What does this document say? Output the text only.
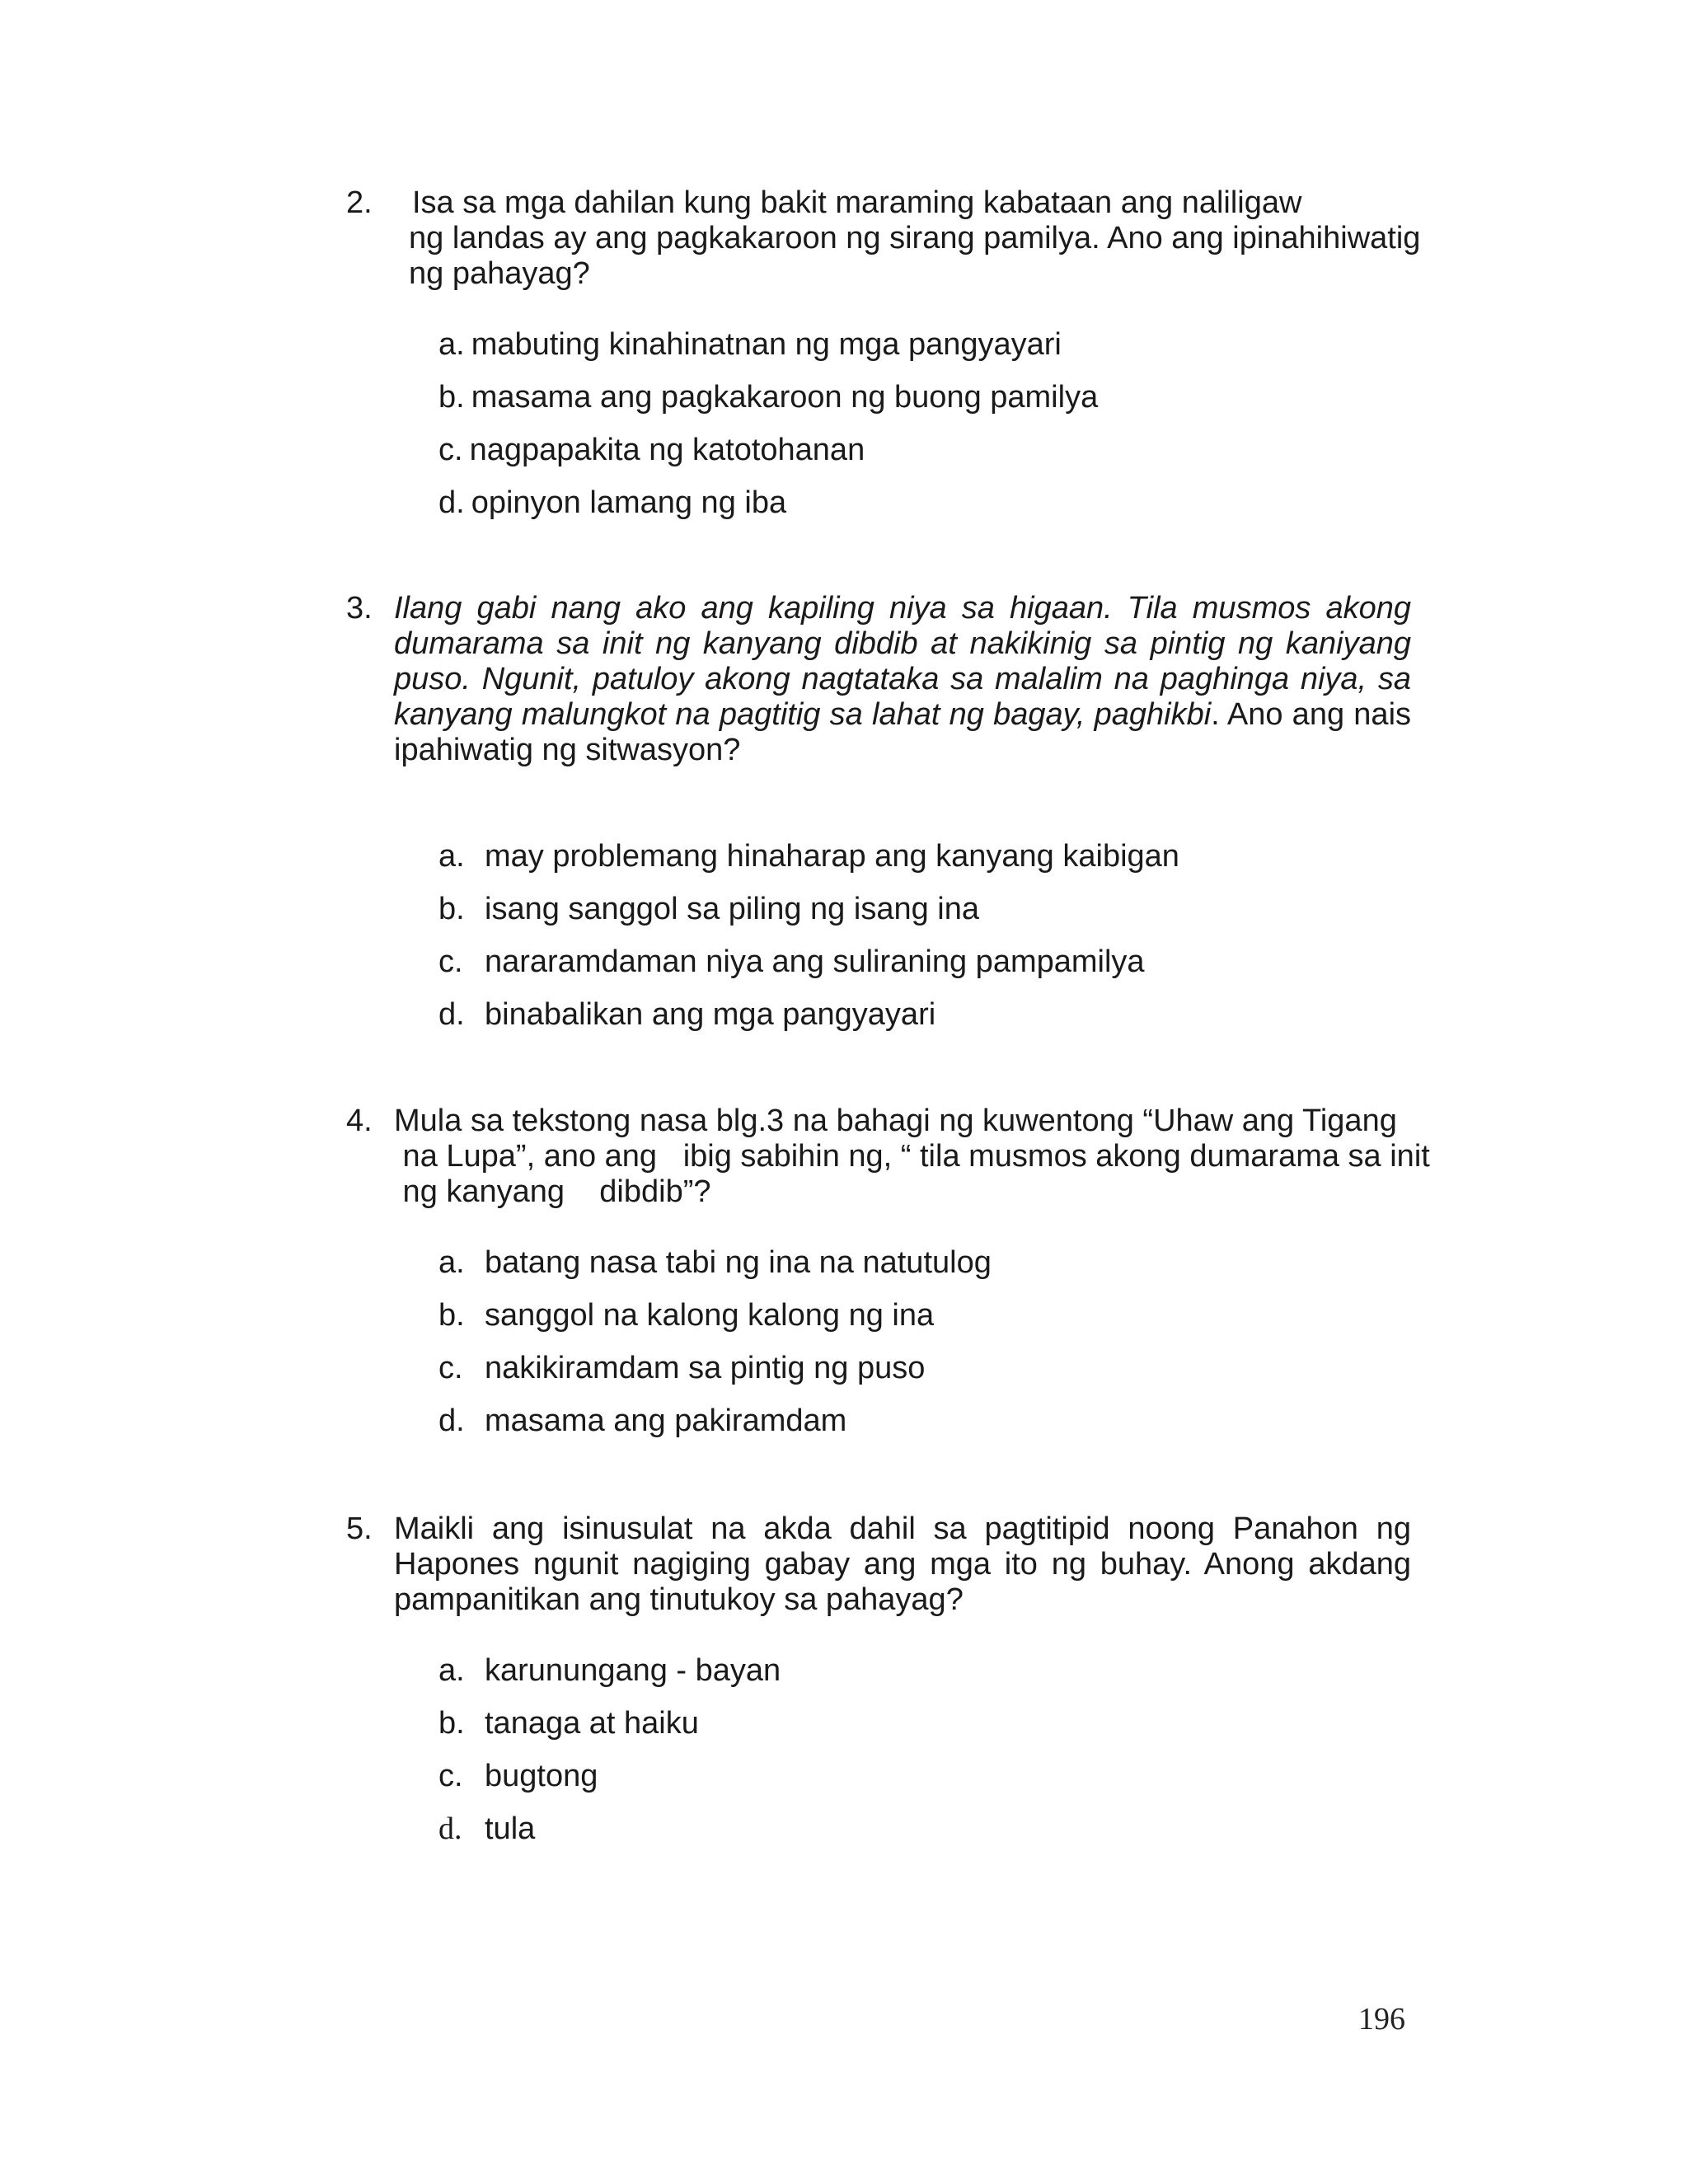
2. Isa sa mga dahilan kung bakit maraming kabataan ang naliligaw
ng landas ay ang pagkakaroon ng sirang pamilya. Ano ang ipinahihiwatig
ng pahayag?
a. mabuting kinahinatnan ng mga pangyayari
b. masama ang pagkakaroon ng buong pamilya
c. nagpapakita ng katotohanan
d. opinyon lamang ng iba
3. Ilang gabi nang ako ang kapiling niya sa higaan. Tila musmos akong
dumarama sa init ng kanyang dibdib at nakikinig sa pintig ng kaniyang
puso. Ngunit, patuloy akong nagtataka sa malalim na paghinga niya, sa
kanyang malungkot na pagtitig sa lahat ng bagay, paghikbi. Ano ang nais
ipahiwatig ng sitwasyon?
a. may problemang hinaharap ang kanyang kaibigan
b. isang sanggol sa piling ng isang ina
c. nararamdaman niya ang suliraning pampamilya
d. binabalikan ang mga pangyayari
4. Mula sa tekstong nasa blg.3 na bahagi ng kuwentong “Uhaw ang Tigang
na Lupa”, ano ang   ibig sabihin ng, “ tila musmos akong dumarama sa init
ng kanyang    dibdib”?
a. batang nasa tabi ng ina na natutulog
b. sanggol na kalong kalong ng ina
c. nakikiramdam sa pintig ng puso
d. masama ang pakiramdam
5. Maikli ang isinusulat na akda dahil sa pagtitipid noong Panahon ng
Hapones ngunit nagiging gabay ang mga ito ng buhay. Anong akdang
pampanitikan ang tinutukoy sa pahayag?
a. karunungang - bayan
b. tanaga at haiku
c. bugtong
d. tula
196
